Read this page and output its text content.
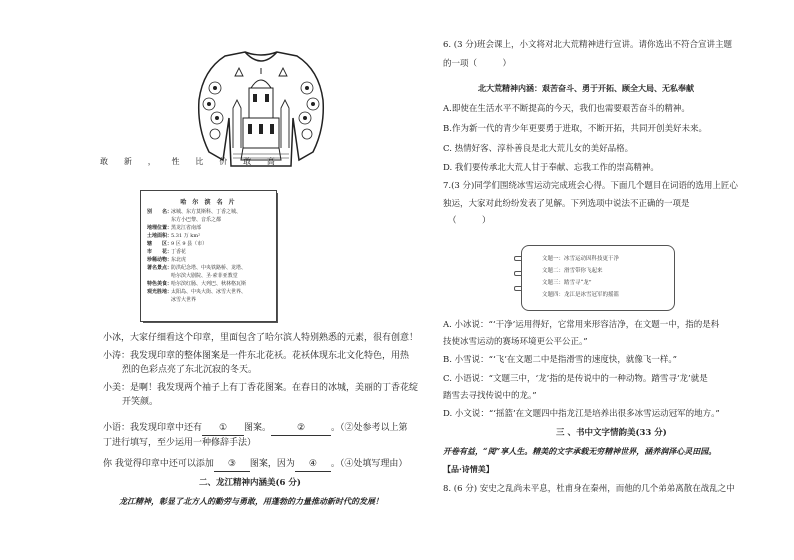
敢 新 ， 性 比 价 敢 高
哈 尔 滨 名 片
别　　名：冰城、东方莫斯科、丁香之城、
东方小巴黎、音乐之都
地理位置：黑龙江省南部
土地面积：5.31 万 km²
辖　　区：9 区 9 县（市）
市　　花：丁香花
珍稀动物：东北虎
著名景点：防洪纪念塔、中央铁路桥、龙塔、
哈尔滨大剧院、圣·索菲亚教堂
特色美食：哈尔滨红肠、大列巴、秋林格瓦斯
观光胜地：太阳岛、中央大街、冰雪大世界、
冰雪大世界
小冰，大家仔细看这个印章，里面包含了哈尔滨人特别熟悉的元素，很有创意！
小涛：我发现印章的整体图案是一件东北花袄。花袄体现东北文化特色，用热
烈的色彩点亮了东北沉寂的冬天。
小美：是啊！我发现两个袖子上有丁香花图案。在春日的冰城，美丽的丁香花绽
开笑颜。
小语：我发现印章中还有 ① 图案。	②	。（②处参考以上第
丁进行填写，至少运用一种修辞手法）
你 我觉得印章中还可以添加 ③ 图案，因为 ④ 。（④处填写理由）
二、龙江精神内涵美(6 分)
龙江精神，彰显了北方人的勤劳与勇敢，用蓬勃的力量推动新时代的发展！
6. (3 分)班会课上，小文将对北大荒精神进行宣讲。请你选出不符合宣讲主题
的一项（　　　）
北大荒精神内涵：艰苦奋斗、勇于开拓、顾全大局、无私奉献
A.即使在生活水平不断提高的今天，我们也需要艰苦奋斗的精神。
B.作为新一代的青少年更要勇于进取，不断开拓，共同开创美好未来。
C. 热情好客、淳朴善良是北大荒儿女的美好品格。
D. 我们要传承北大荒人甘于奉献、忘我工作的崇高精神。
7.(3 分)同学们围绕冰雪运动完成班会心得。下面几个题目在词语的选用上匠心
独运，大家对此纷纷发表了见解。下列选项中说法不正确的一项是
（　　　）
文题一：冰雪运动因科技更干净
文题二：滑雪带你飞起来
文题三：踏雪寻“龙”
文题四：龙江是冰雪冠军的摇篮
A. 小冰说：“‘干净’运用得好，它常用来形容洁净，在文题一中，指的是科
技使冰雪运动的赛场环境更公平公正。”
B. 小雪说：“‘飞’在文题二中是指滑雪的速度快，就像飞一样。”
C. 小语说：“文题三中，‘龙’指的是传说中的一种动物。踏雪寻‘龙’就是
踏雪去寻找传说中的龙。”
D. 小文说：“‘摇篮’在文题四中指龙江是培养出很多冰雪运动冠军的地方。”
三 、书中文字情韵美(33 分)
开卷有益，“阅”享人生。精美的文字承载无穷精神世界，涵养润泽心灵田园。
【品·诗情美】
8. (6 分) 安史之乱尚未平息，杜甫身在秦州，而他的几个弟弟离散在战乱之中
